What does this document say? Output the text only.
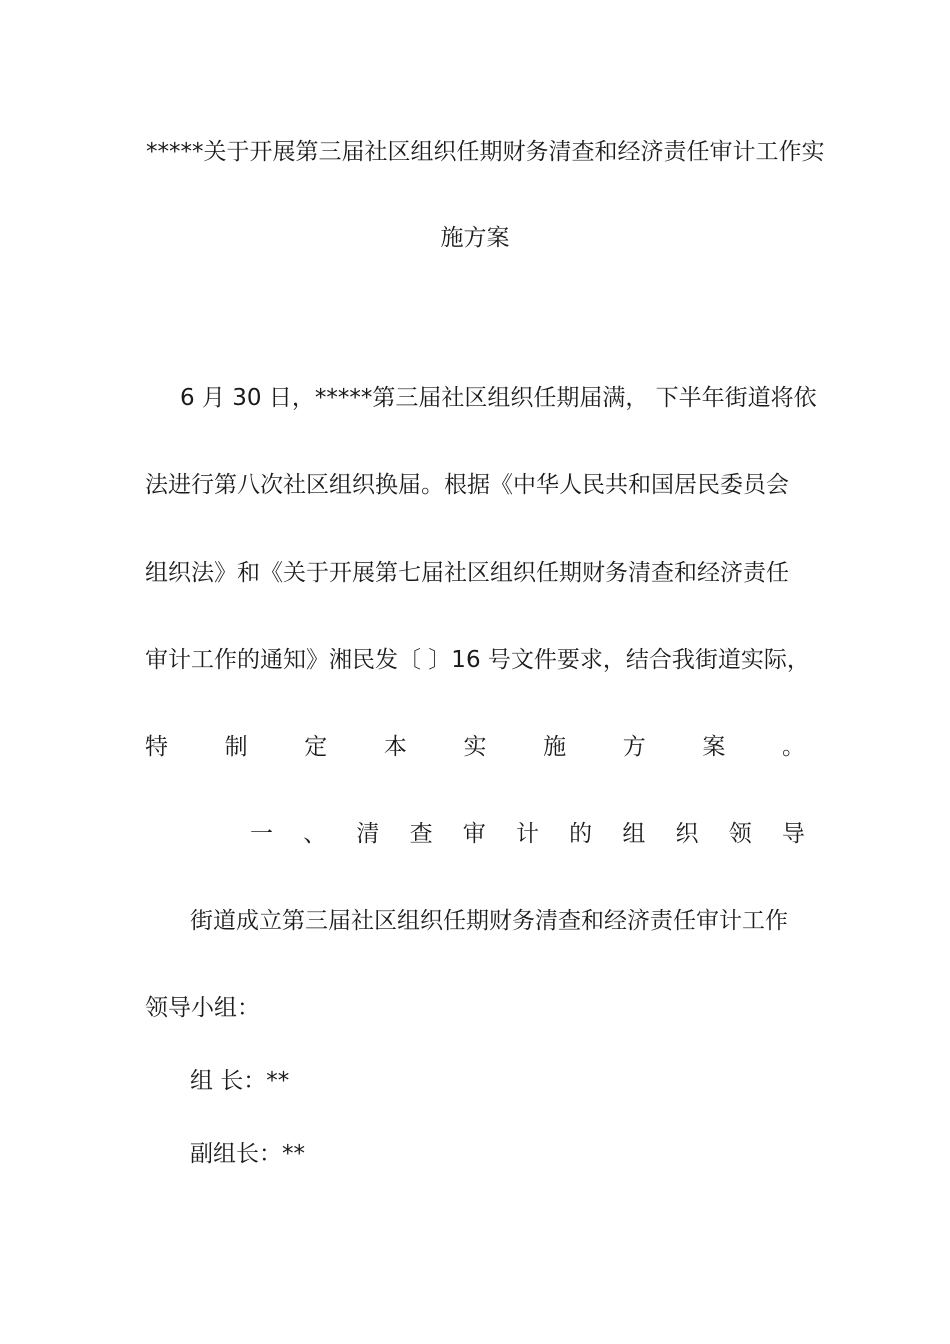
*****关于开展第三届社区组织任期财务清查和经济责任审计工作实
施方案
6 月 30 日，*****第三届社区组织任期届满， 下半年街道将依
法进行第八次社区组织换届。根据《中华人民共和国居民委员会
组织法》和《关于开展第七届社区组织任期财务清查和经济责任
审计工作的通知》湘民发〔 〕16 号文件要求，结合我街道实际，
特 制 定 本 实 施 方 案 。
一 、 清 查 审 计 的 组 织 领 导
街道成立第三届社区组织任期财务清查和经济责任审计工作
领导小组：
组 长：**
副组长：**
